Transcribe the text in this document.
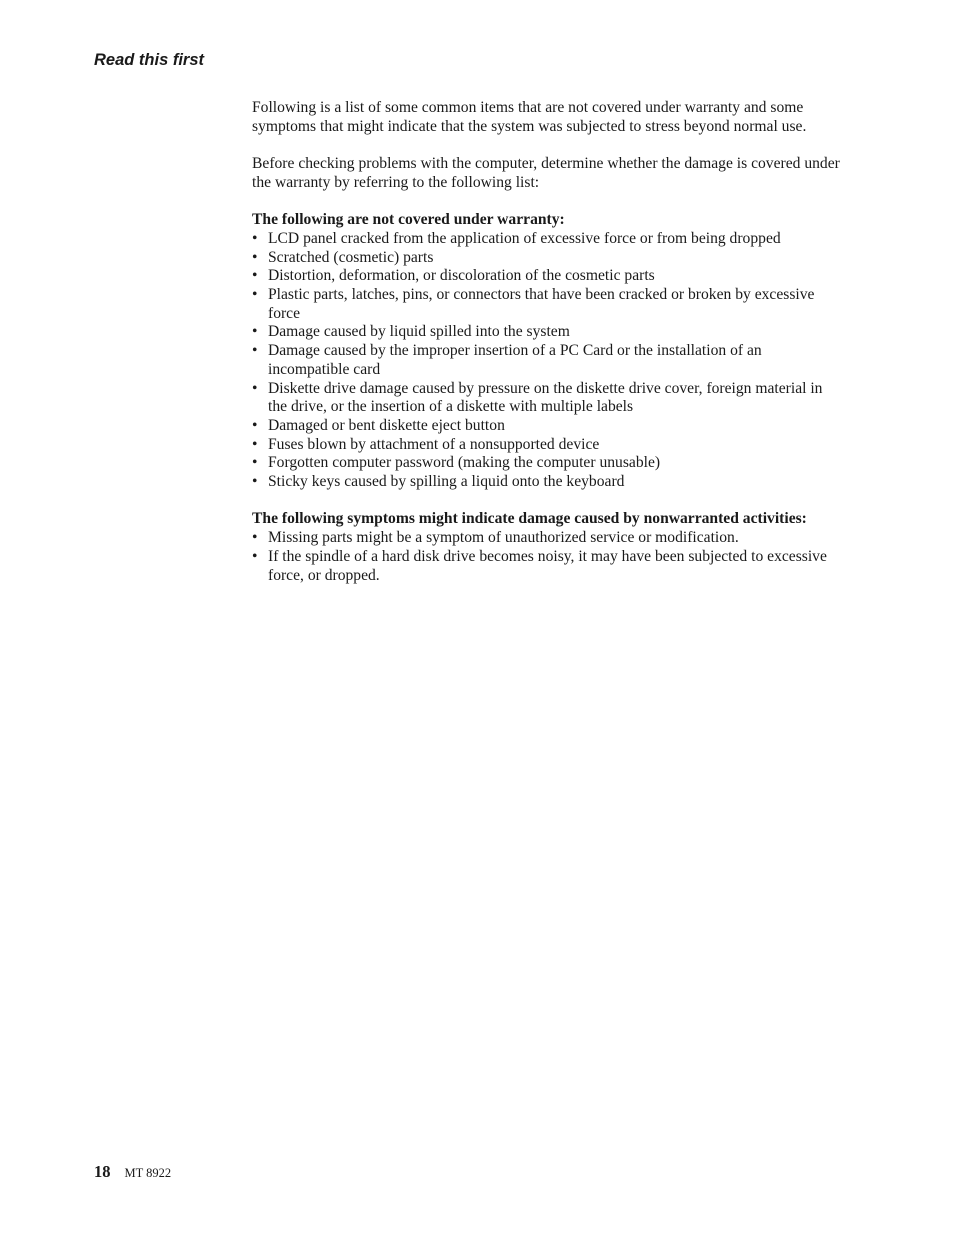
Read this first

Following is a list of some common items that are not covered under warranty and some symptoms that might indicate that the system was subjected to stress beyond normal use.

Before checking problems with the computer, determine whether the damage is covered under the warranty by referring to the following list:

The following are not covered under warranty:
• LCD panel cracked from the application of excessive force or from being dropped
• Scratched (cosmetic) parts
• Distortion, deformation, or discoloration of the cosmetic parts
• Plastic parts, latches, pins, or connectors that have been cracked or broken by excessive force
• Damage caused by liquid spilled into the system
• Damage caused by the improper insertion of a PC Card or the installation of an incompatible card
• Diskette drive damage caused by pressure on the diskette drive cover, foreign material in the drive, or the insertion of a diskette with multiple labels
• Damaged or bent diskette eject button
• Fuses blown by attachment of a nonsupported device
• Forgotten computer password (making the computer unusable)
• Sticky keys caused by spilling a liquid onto the keyboard
The following symptoms might indicate damage caused by nonwarranted activities:
• Missing parts might be a symptom of unauthorized service or modification.
• If the spindle of a hard disk drive becomes noisy, it may have been subjected to excessive force, or dropped.
18 MT 8922
